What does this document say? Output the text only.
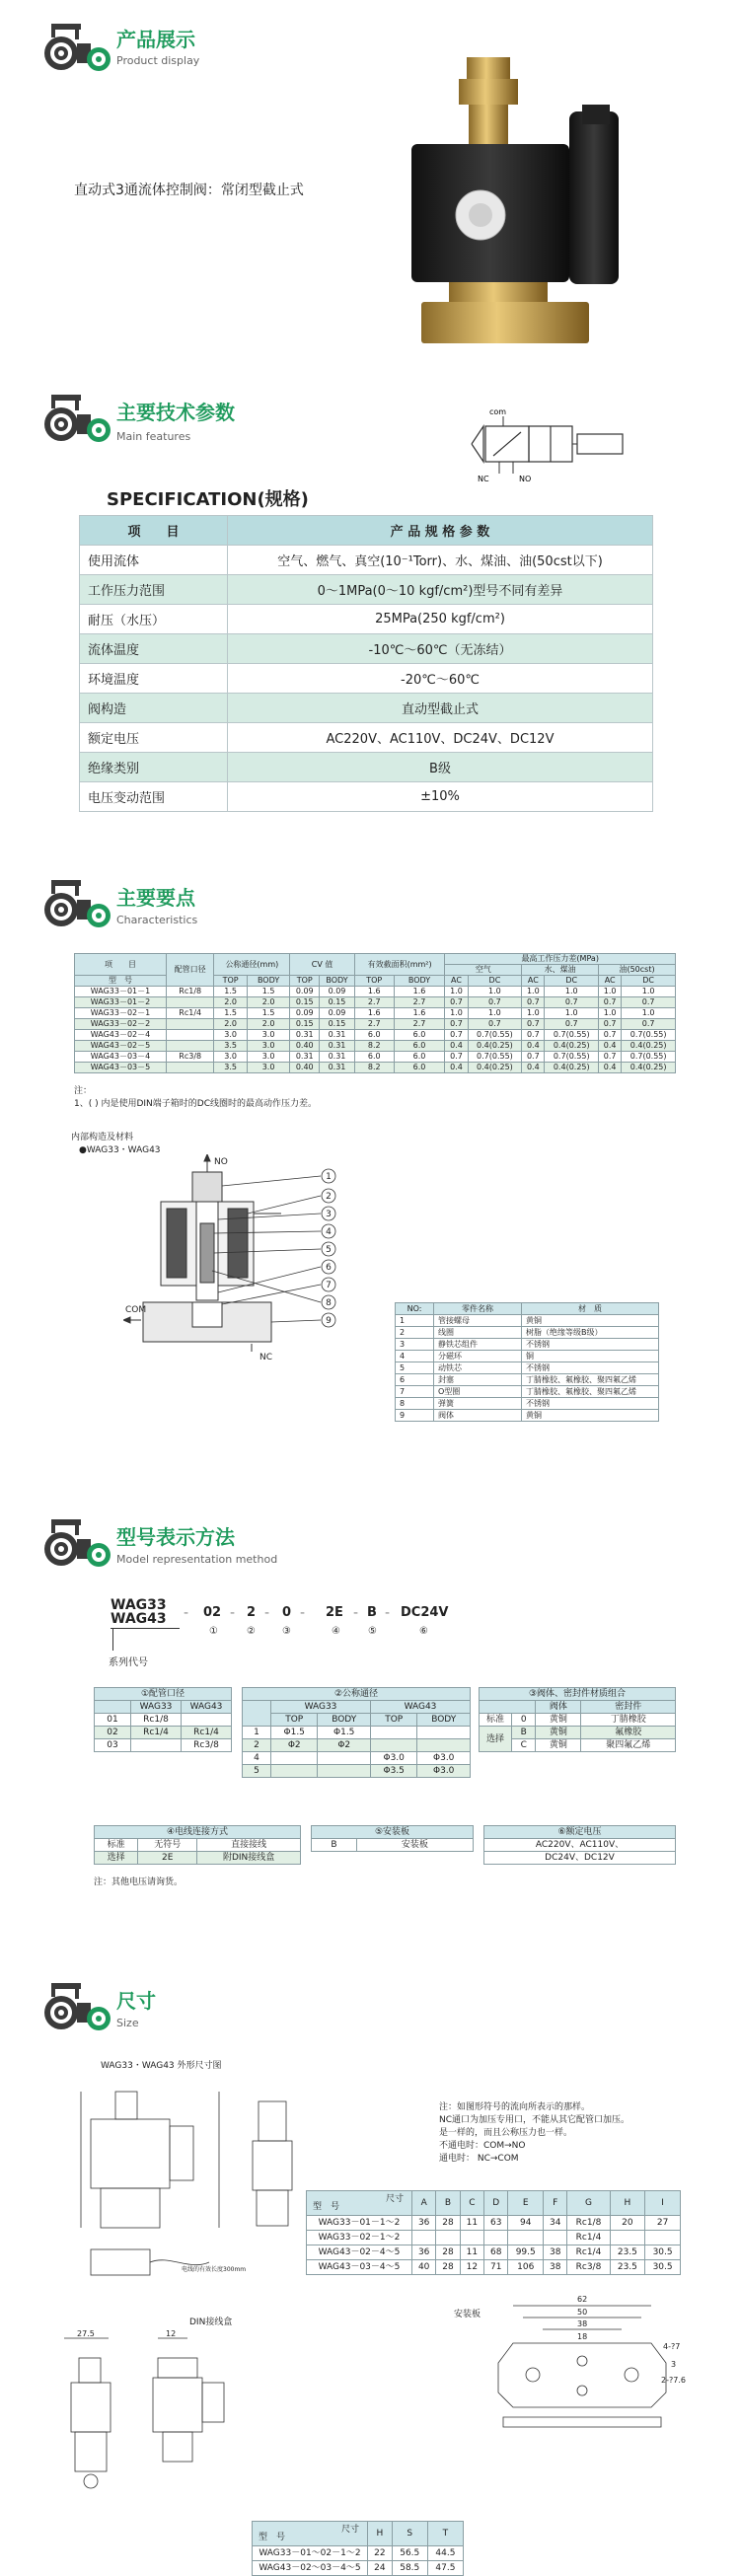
产品展示
Product display
直动式3通流体控制阀：常闭型截止式
主要技术参数
Main features
com
NC	NO
SPECIFICATION(规格)
项　　目	产 品 规 格 参 数
使用流体	空气、燃气、真空(10⁻¹Torr)、水、煤油、油(50cst以下)
工作压力范围	0～1MPa(0～10 kgf/cm²)型号不同有差异
耐压（水压）	25MPa(250 kgf/cm²)
流体温度	-10℃～60℃（无冻结）
环境温度	-20℃～60℃
阀构造	直动型截止式
额定电压	AC220V、AC110V、DC24V、DC12V
绝缘类别	B级
电压变动范围	±10%
主要要点
Characteristics
项　　目	配管口径	公称通径(mm)		CV 值		有效截面积(mm²)		最高工作压力差(MPa)					
								空气		水、煤油		油(50cst)	
型　号		TOP	BODY	TOP	BODY	TOP	BODY	AC	DC	AC	DC	AC	DC
WAG33－01－1	Rc1/8	1.5	1.5	0.09	0.09	1.6	1.6	1.0	1.0	1.0	1.0	1.0	1.0
WAG33－01－2		2.0	2.0	0.15	0.15	2.7	2.7	0.7	0.7	0.7	0.7	0.7	0.7
WAG33－02－1	Rc1/4	1.5	1.5	0.09	0.09	1.6	1.6	1.0	1.0	1.0	1.0	1.0	1.0
WAG33－02－2		2.0	2.0	0.15	0.15	2.7	2.7	0.7	0.7	0.7	0.7	0.7	0.7
WAG43－02－4		3.0	3.0	0.31	0.31	6.0	6.0	0.7	0.7(0.55)	0.7	0.7(0.55)	0.7	0.7(0.55)
WAG43－02－5		3.5	3.0	0.40	0.31	8.2	6.0	0.4	0.4(0.25)	0.4	0.4(0.25)	0.4	0.4(0.25)
WAG43－03－4	Rc3/8	3.0	3.0	0.31	0.31	6.0	6.0	0.7	0.7(0.55)	0.7	0.7(0.55)	0.7	0.7(0.55)
WAG43－03－5		3.5	3.0	0.40	0.31	8.2	6.0	0.4	0.4(0.25)	0.4	0.4(0.25)	0.4	0.4(0.25)
注：
1、( ) 内是使用DIN端子箱时的DC线圈时的最高动作压力差。
内部构造及材料
●WAG33・WAG43
NO
COM
NC
1
2
3
4
5
6
7
8
9
NO:	零件名称	材　质
1	管接螺母	黄铜
2	线圈	树脂（绝缘等级B级）
3	静铁芯组件	不锈钢
4	分磁环	铜
5	动铁芯	不锈钢
6	封塞	丁腈橡胶、氟橡胶、聚四氟乙烯
7	O型圈	丁腈橡胶、氟橡胶、聚四氟乙烯
8	弹簧	不锈钢
9	阀体	黄铜
型号表示方法
Model representation method
WAG33
WAG43
系列代号
- 02 - 2 - 0 - 2E - B - DC24V
①	②	③	④	⑤	⑥
①配管口径		
	WAG33	WAG43
01	Rc1/8	
02	Rc1/4	Rc1/4
03		Rc3/8
②公称通径				
	WAG33		WAG43	
	TOP	BODY	TOP	BODY
1	Φ1.5	Φ1.5		
2	Φ2	Φ2		
4			Φ3.0	Φ3.0
5			Φ3.5	Φ3.0
③阀体、密封件材质组合			
		阀体	密封件
标准	0	黄铜	丁腈橡胶
选择	B	黄铜	氟橡胶
	C	黄铜	聚四氟乙烯
④电线连接方式		
标准	无符号	直接接线
选择	2E	附DIN接线盒
⑤安装板
B	安装板
⑥额定电压
AC220V、AC110V、
DC24V、DC12V
注：其他电压请询货。
尺寸
Size
WAG33・WAG43 外形尺寸图
电线的有效长度300mm
注：如图形符号的流向所表示的那样。
NC通口为加压专用口，不能从其它配管口加压。
是一样的，而且公称压力也一样。
不通电时：COM→NO
通电时： NC→COM
尺寸
型　号	A	B	C	D	E	F	G	H	I
WAG33－01－1～2	36	28	11	63	94	34	Rc1/8	20	27
WAG33－02－1～2							Rc1/4		
WAG43－02－4～5	36	28	11	68	99.5	38	Rc1/4	23.5	30.5
WAG43－03－4～5	40	28	12	71	106	38	Rc3/8	23.5	30.5
DIN接线盒
27.5	12
安装板
62
50
38
18
4-?7
3
2-?7.6
尺寸
型　号	H	S	T
WAG33－01～02－1～2	22	56.5	44.5
WAG43－02～03－4～5	24	58.5	47.5
